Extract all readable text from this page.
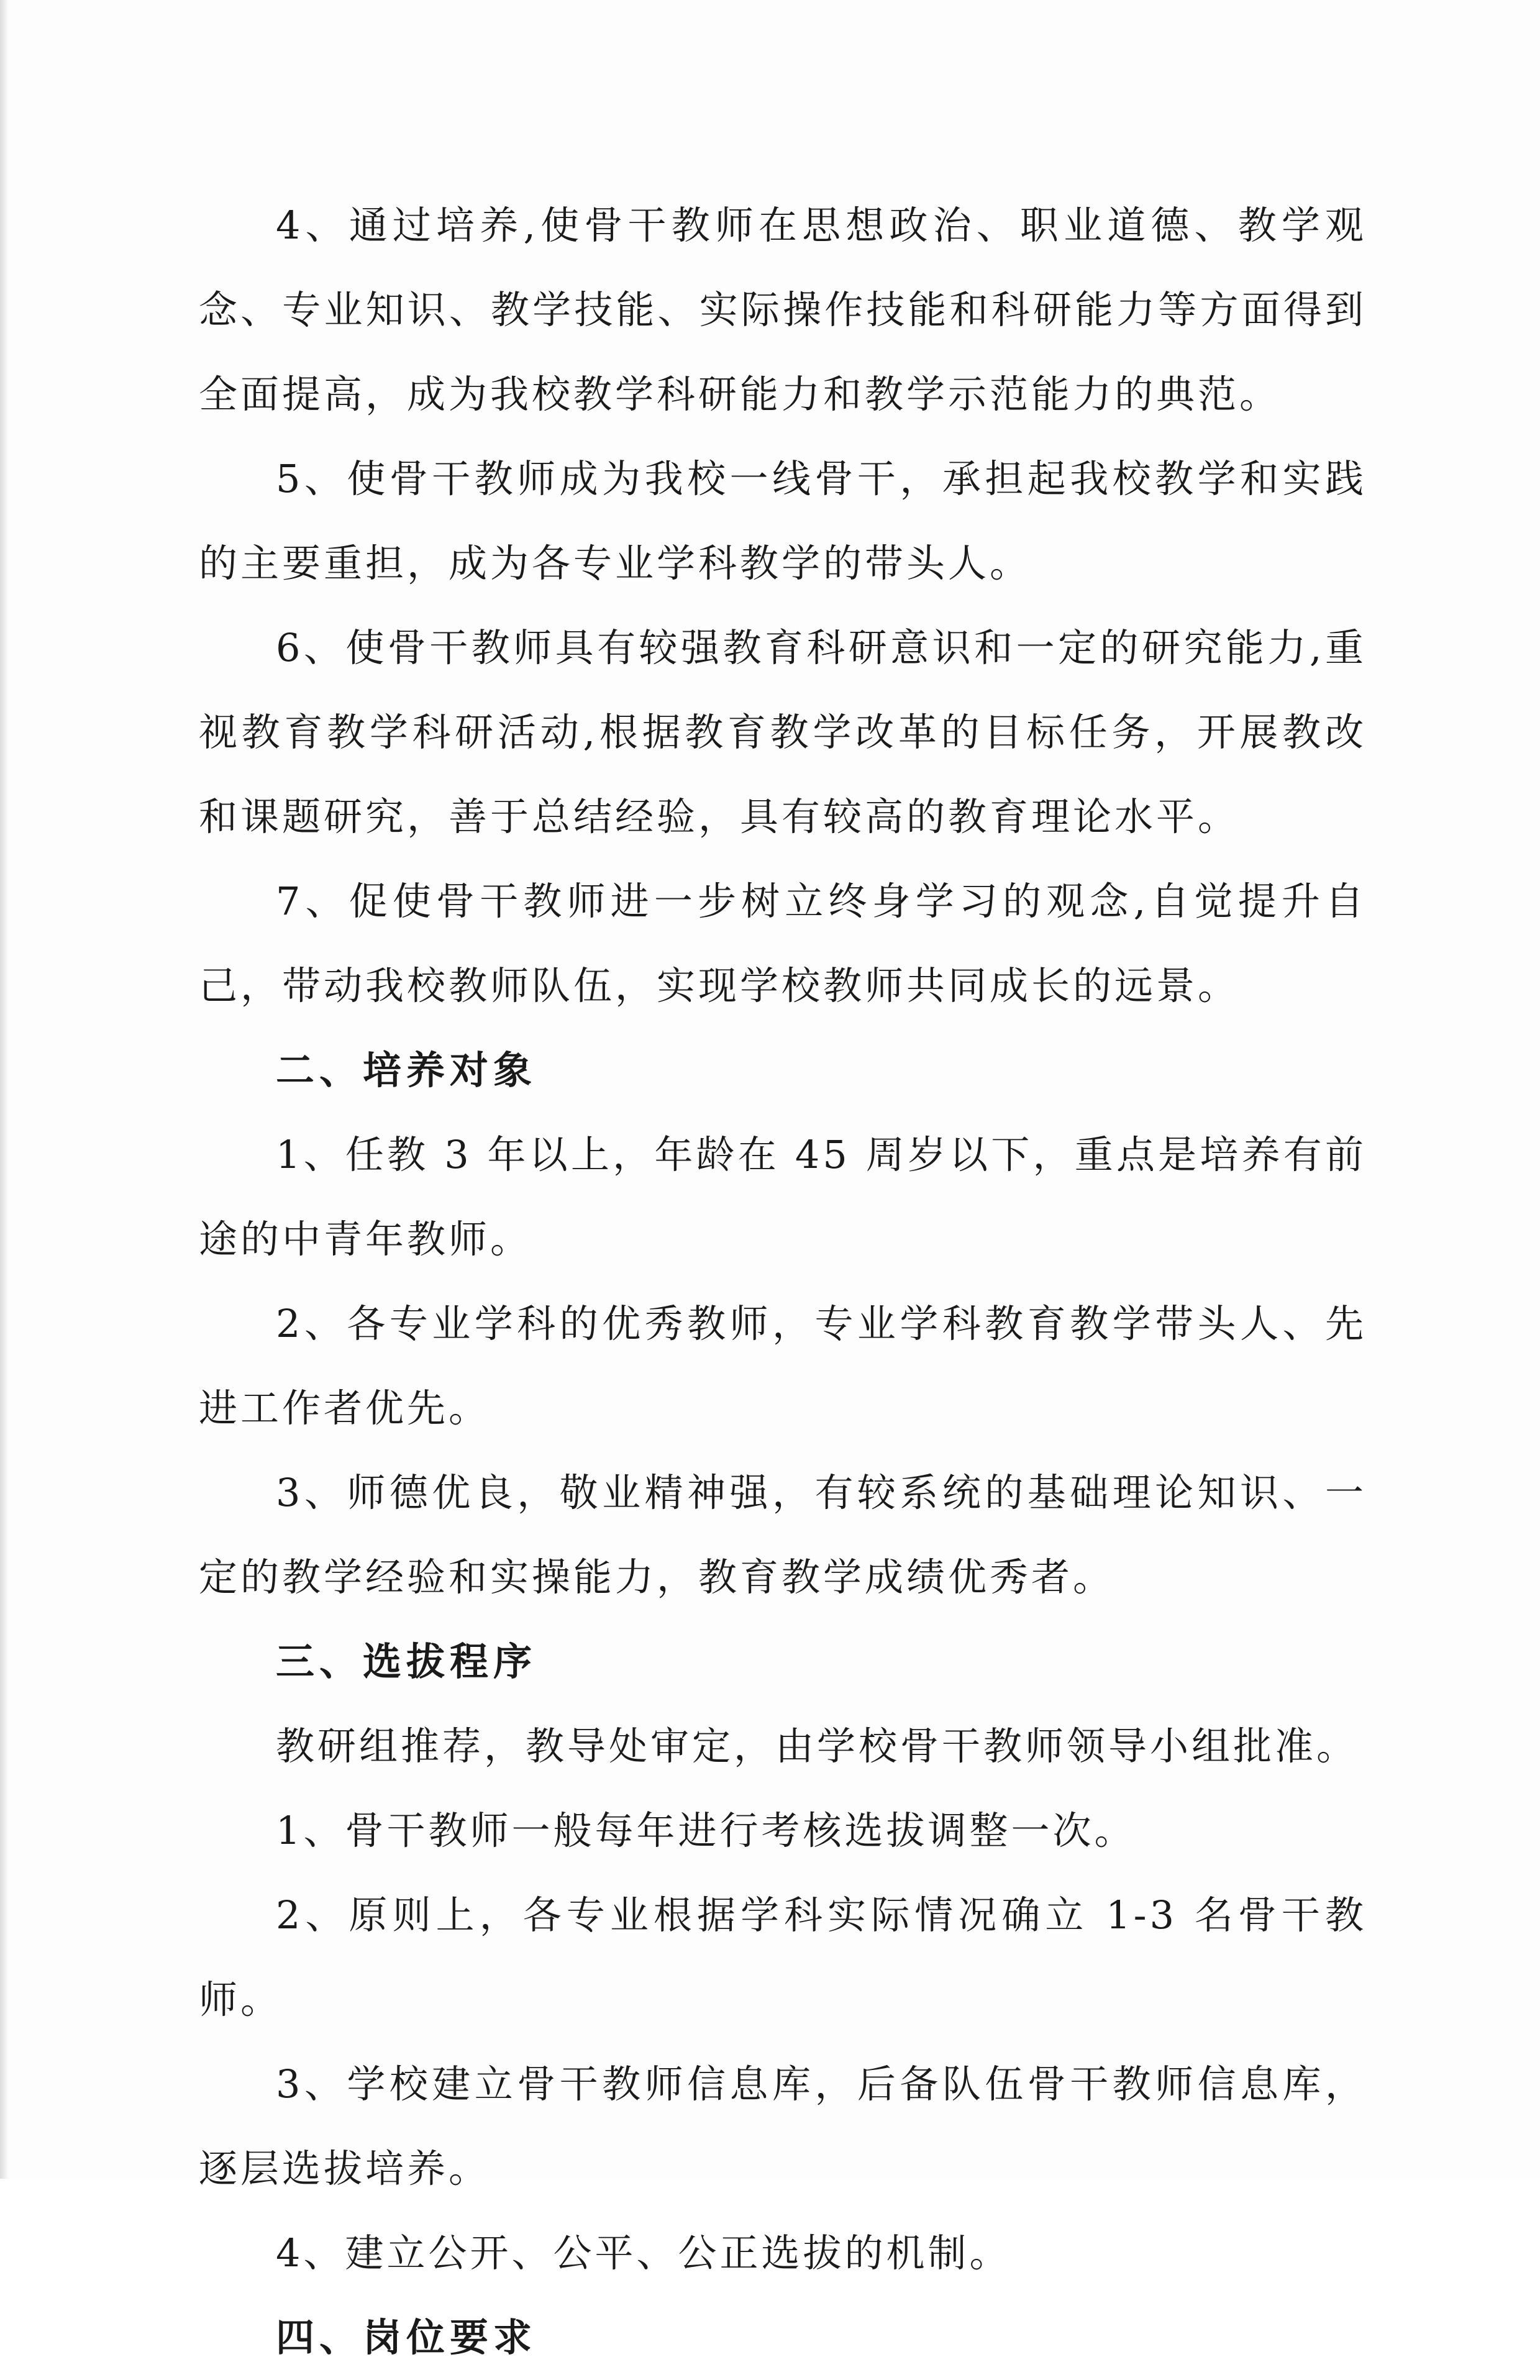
4、通过培养,使骨干教师在思想政治、职业道德、教学观念、专业知识、教学技能、实际操作技能和科研能力等方面得到全面提高，成为我校教学科研能力和教学示范能力的典范。

5、使骨干教师成为我校一线骨干，承担起我校教学和实践的主要重担，成为各专业学科教学的带头人。

6、使骨干教师具有较强教育科研意识和一定的研究能力,重视教育教学科研活动,根据教育教学改革的目标任务，开展教改和课题研究，善于总结经验，具有较高的教育理论水平。

7、促使骨干教师进一步树立终身学习的观念,自觉提升自己，带动我校教师队伍，实现学校教师共同成长的远景。

二、培养对象

1、任教 3 年以上，年龄在 45 周岁以下，重点是培养有前途的中青年教师。

2、各专业学科的优秀教师，专业学科教育教学带头人、先进工作者优先。

3、师德优良，敬业精神强，有较系统的基础理论知识、一定的教学经验和实操能力，教育教学成绩优秀者。

三、选拔程序

教研组推荐，教导处审定，由学校骨干教师领导小组批准。

1、骨干教师一般每年进行考核选拔调整一次。

2、原则上，各专业根据学科实际情况确立 1-3 名骨干教师。

3、学校建立骨干教师信息库，后备队伍骨干教师信息库，逐层选拔培养。

4、建立公开、公平、公正选拔的机制。

四、岗位要求
